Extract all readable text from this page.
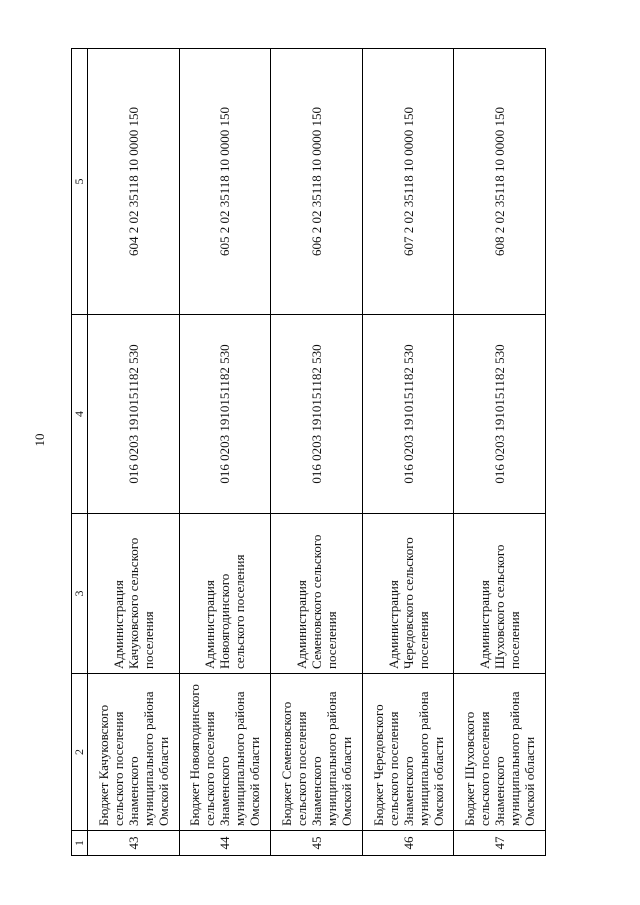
10
1	2	3	4	5
43	Бюджет Качуковского сельского поселения Знаменского муниципального района Омской области	Администрация Качуковского сельского поселения	016 0203 1910151182 530	604 2 02 35118 10 0000 150
44	Бюджет Новоягодинского сельского поселения Знаменского муниципального района Омской области	Администрация Новоягодинского сельского поселения	016 0203 1910151182 530	605 2 02 35118 10 0000 150
45	Бюджет Семеновского сельского поселения Знаменского муниципального района Омской области	Администрация Семеновского сельского поселения	016 0203 1910151182 530	606 2 02 35118 10 0000 150
46	Бюджет Чередовского сельского поселения Знаменского муниципального района Омской области	Администрация Чередовского сельского поселения	016 0203 1910151182 530	607 2 02 35118 10 0000 150
47	Бюджет Шуховского сельского поселения Знаменского муниципального района Омской области	Администрация Шуховского сельского поселения	016 0203 1910151182 530	608 2 02 35118 10 0000 150
